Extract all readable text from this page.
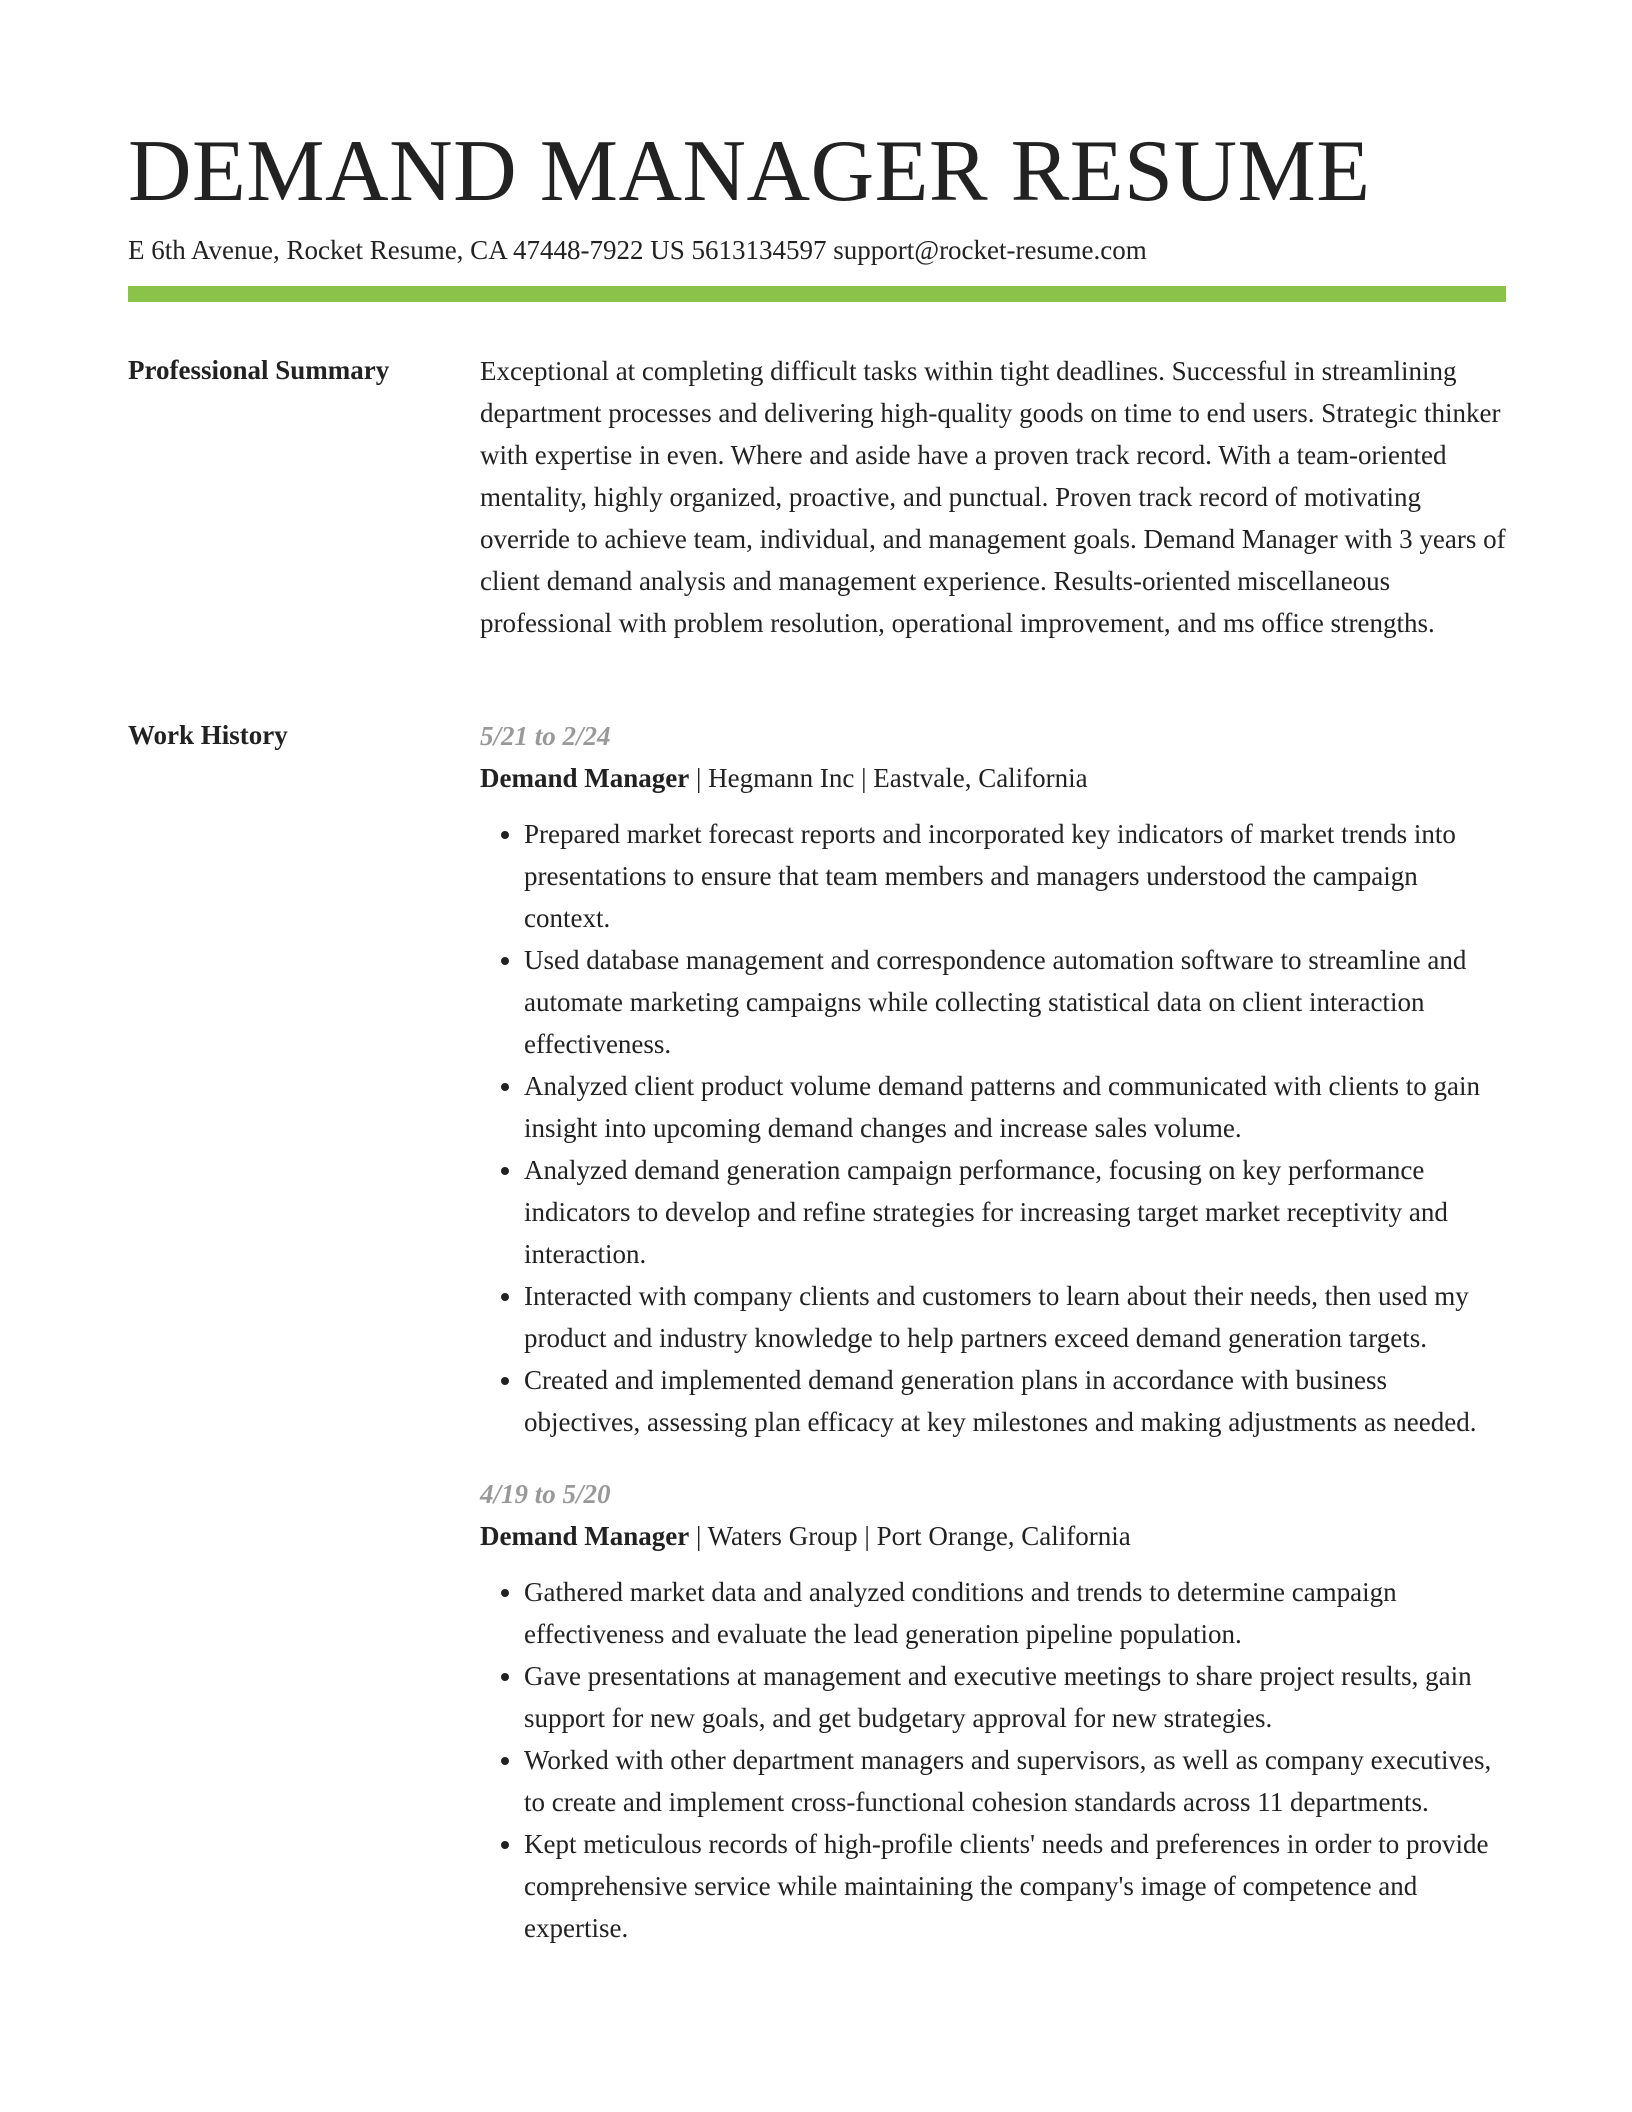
DEMAND MANAGER RESUME
E 6th Avenue, Rocket Resume, CA 47448-7922 US 5613134597 support@rocket-resume.com
Professional Summary	Exceptional at completing difficult tasks within tight deadlines. Successful in streamlining department processes and delivering high-quality goods on time to end users. Strategic thinker with expertise in even. Where and aside have a proven track record. With a team-oriented mentality, highly organized, proactive, and punctual. Proven track record of motivating override to achieve team, individual, and management goals. Demand Manager with 3 years of client demand analysis and management experience. Results-oriented miscellaneous professional with problem resolution, operational improvement, and ms office strengths.

Work History	5/21 to 2/24
Demand Manager | Hegmann Inc | Eastvale, California
• Prepared market forecast reports and incorporated key indicators of market trends into presentations to ensure that team members and managers understood the campaign context.
• Used database management and correspondence automation software to streamline and automate marketing campaigns while collecting statistical data on client interaction effectiveness.
• Analyzed client product volume demand patterns and communicated with clients to gain insight into upcoming demand changes and increase sales volume.
• Analyzed demand generation campaign performance, focusing on key performance indicators to develop and refine strategies for increasing target market receptivity and interaction.
• Interacted with company clients and customers to learn about their needs, then used my product and industry knowledge to help partners exceed demand generation targets.
• Created and implemented demand generation plans in accordance with business objectives, assessing plan efficacy at key milestones and making adjustments as needed.
4/19 to 5/20
Demand Manager | Waters Group | Port Orange, California
• Gathered market data and analyzed conditions and trends to determine campaign effectiveness and evaluate the lead generation pipeline population.
• Gave presentations at management and executive meetings to share project results, gain support for new goals, and get budgetary approval for new strategies.
• Worked with other department managers and supervisors, as well as company executives, to create and implement cross-functional cohesion standards across 11 departments.
• Kept meticulous records of high-profile clients' needs and preferences in order to provide comprehensive service while maintaining the company's image of competence and expertise.
